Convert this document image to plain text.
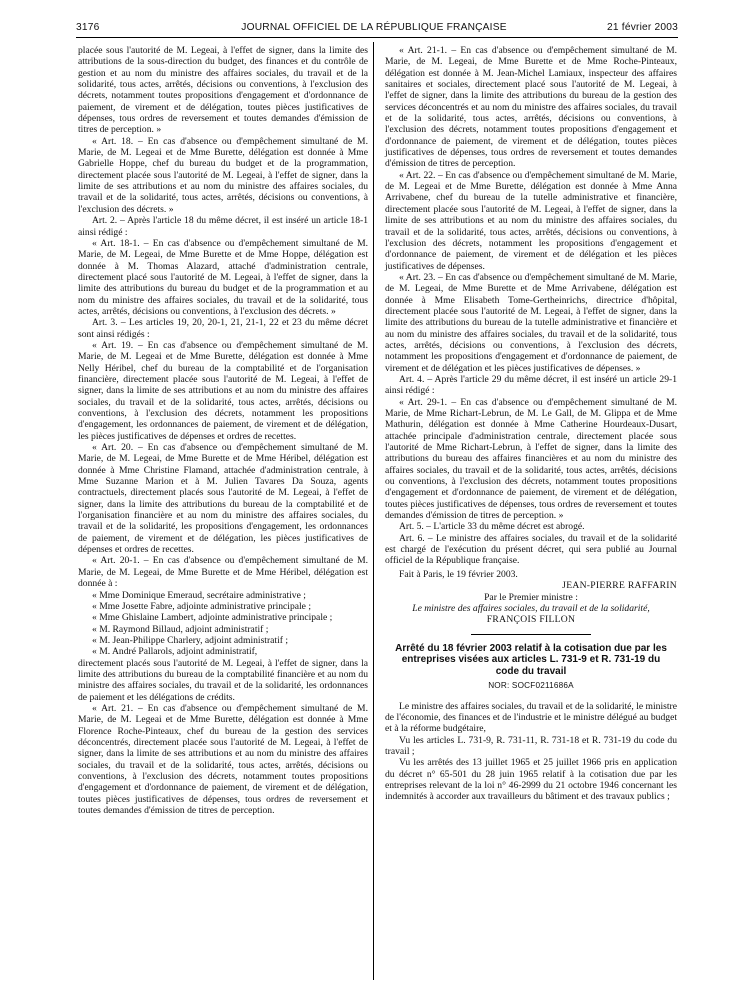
3176	JOURNAL OFFICIEL DE LA RÉPUBLIQUE FRANÇAISE	21 février 2003

placée sous l'autorité de M. Legeai, à l'effet de signer, dans la limite des attributions de la sous-direction du budget, des finances et du contrôle de gestion et au nom du ministre des affaires sociales, du travail et de la solidarité, tous actes, arrêtés, décisions ou conventions, à l'exclusion des décrets, notamment toutes propositions d'engagement et d'ordonnance de paiement, de virement et de délégation, toutes pièces justificatives de dépenses, tous ordres de reversement et toutes demandes d'émission de titres de perception. »

« Art. 18. – En cas d'absence ou d'empêchement simultané de M. Marie, de M. Legeai et de Mme Burette, délégation est donnée à Mme Gabrielle Hoppe, chef du bureau du budget et de la programmation, directement placée sous l'autorité de M. Legeai, à l'effet de signer, dans la limite de ses attributions et au nom du ministre des affaires sociales, du travail et de la solidarité, tous actes, arrêtés, décisions ou conventions, à l'exclusion des décrets. »

Art. 2. – Après l'article 18 du même décret, il est inséré un article 18-1 ainsi rédigé :

« Art. 18-1. – En cas d'absence ou d'empêchement simultané de M. Marie, de M. Legeai, de Mme Burette et de Mme Hoppe, délégation est donnée à M. Thomas Alazard, attaché d'administration centrale, directement placé sous l'autorité de M. Legeai, à l'effet de signer, dans la limite des attributions du bureau du budget et de la programmation et au nom du ministre des affaires sociales, du travail et de la solidarité, tous actes, arrêtés, décisions ou conventions, à l'exclusion des décrets. »

Art. 3. – Les articles 19, 20, 20-1, 21, 21-1, 22 et 23 du même décret sont ainsi rédigés :

« Art. 19. – En cas d'absence ou d'empêchement simultané de M. Marie, de M. Legeai et de Mme Burette, délégation est donnée à Mme Nelly Héribel, chef du bureau de la comptabilité et de l'organisation financière, directement placée sous l'autorité de M. Legeai, à l'effet de signer, dans la limite de ses attributions et au nom du ministre des affaires sociales, du travail et de la solidarité, tous actes, arrêtés, décisions ou conventions, à l'exclusion des décrets, notamment les propositions d'engagement, les ordonnances de paiement, de virement et de délégation, les pièces justificatives de dépenses et ordres de recettes.

« Art. 20. – En cas d'absence ou d'empêchement simultané de M. Marie, de M. Legeai, de Mme Burette et de Mme Héribel, délégation est donnée à Mme Christine Flamand, attachée d'administration centrale, à Mme Suzanne Marion et à M. Julien Tavares Da Souza, agents contractuels, directement placés sous l'autorité de M. Legeai, à l'effet de signer, dans la limite des attributions du bureau de la comptabilité et de l'organisation financière et au nom du ministre des affaires sociales, du travail et de la solidarité, les propositions d'engagement, les ordonnances de paiement, de virement et de délégation, les pièces justificatives de dépenses et ordres de recettes.

« Art. 20-1. – En cas d'absence ou d'empêchement simultané de M. Marie, de M. Legeai, de Mme Burette et de Mme Héribel, délégation est donnée à :

« Mme Dominique Emeraud, secrétaire administrative ;

« Mme Josette Fabre, adjointe administrative principale ;

« Mme Ghislaine Lambert, adjointe administrative principale ;

« M. Raymond Billaud, adjoint administratif ;

« M. Jean-Philippe Charlery, adjoint administratif ;

« M. André Pallarols, adjoint administratif,

directement placés sous l'autorité de M. Legeai, à l'effet de signer, dans la limite des attributions du bureau de la comptabilité financière et au nom du ministre des affaires sociales, du travail et de la solidarité, les ordonnances de paiement et les délégations de crédits.

« Art. 21. – En cas d'absence ou d'empêchement simultané de M. Marie, de M. Legeai et de Mme Burette, délégation est donnée à Mme Florence Roche-Pinteaux, chef du bureau de la gestion des services déconcentrés, directement placée sous l'autorité de M. Legeai, à l'effet de signer, dans la limite de ses attributions et au nom du ministre des affaires sociales, du travail et de la solidarité, tous actes, arrêtés, décisions ou conventions, à l'exclusion des décrets, notamment toutes propositions d'engagement et d'ordonnance de paiement, de virement et de délégation, toutes pièces justificatives de dépenses, tous ordres de reversement et toutes demandes d'émission de titres de perception.

« Art. 21-1. – En cas d'absence ou d'empêchement simultané de M. Marie, de M. Legeai, de Mme Burette et de Mme Roche-Pinteaux, délégation est donnée à M. Jean-Michel Lamiaux, inspecteur des affaires sanitaires et sociales, directement placé sous l'autorité de M. Legeai, à l'effet de signer, dans la limite des attributions du bureau de la gestion des services déconcentrés et au nom du ministre des affaires sociales, du travail et de la solidarité, tous actes, arrêtés, décisions ou conventions, à l'exclusion des décrets, notamment toutes propositions d'engagement et d'ordonnance de paiement, de virement et de délégation, toutes pièces justificatives de dépenses, tous ordres de reversement et toutes demandes d'émission de titres de perception.

« Art. 22. – En cas d'absence ou d'empêchement simultané de M. Marie, de M. Legeai et de Mme Burette, délégation est donnée à Mme Anna Arrivabene, chef du bureau de la tutelle administrative et financière, directement placée sous l'autorité de M. Legeai, à l'effet de signer, dans la limite de ses attributions et au nom du ministre des affaires sociales, du travail et de la solidarité, tous actes, arrêtés, décisions ou conventions, à l'exclusion des décrets, notamment les propositions d'engagement et d'ordonnance de paiement, de virement et de délégation et les pièces justificatives de dépenses.

« Art. 23. – En cas d'absence ou d'empêchement simultané de M. Marie, de M. Legeai, de Mme Burette et de Mme Arrivabene, délégation est donnée à Mme Elisabeth Tome-Gertheinrichs, directrice d'hôpital, directement placée sous l'autorité de M. Legeai, à l'effet de signer, dans la limite des attributions du bureau de la tutelle administrative et financière et au nom du ministre des affaires sociales, du travail et de la solidarité, tous actes, arrêtés, décisions ou conventions, à l'exclusion des décrets, notamment les propositions d'engagement et d'ordonnance de paiement, de virement et de délégation et les pièces justificatives de dépenses. »

Art. 4. – Après l'article 29 du même décret, il est inséré un article 29-1 ainsi rédigé :

« Art. 29-1. – En cas d'absence ou d'empêchement simultané de M. Marie, de Mme Richart-Lebrun, de M. Le Gall, de M. Glippa et de Mme Mathurin, délégation est donnée à Mme Catherine Hourdeaux-Dusart, attachée principale d'administration centrale, directement placée sous l'autorité de Mme Richart-Lebrun, à l'effet de signer, dans la limite des attributions du bureau des affaires financières et au nom du ministre des affaires sociales, du travail et de la solidarité, tous actes, arrêtés, décisions ou conventions, à l'exclusion des décrets, notamment toutes propositions d'engagement et d'ordonnance de paiement, de virement et de délégation, toutes pièces justificatives de dépenses, tous ordres de reversement et toutes demandes d'émission de titres de perception. »

Art. 5. – L'article 33 du même décret est abrogé.

Art. 6. – Le ministre des affaires sociales, du travail et de la solidarité est chargé de l'exécution du présent décret, qui sera publié au Journal officiel de la République française.

Fait à Paris, le 19 février 2003.

JEAN-PIERRE RAFFARIN

Par le Premier ministre :

Le ministre des affaires sociales, du travail et de la solidarité,

FRANÇOIS FILLON

Arrêté du 18 février 2003 relatif à la cotisation due par les entreprises visées aux articles L. 731-9 et R. 731-19 du code du travail
NOR: SOCF0211686A

Le ministre des affaires sociales, du travail et de la solidarité, le ministre de l'économie, des finances et de l'industrie et le ministre délégué au budget et à la réforme budgétaire,

Vu les articles L. 731-9, R. 731-11, R. 731-18 et R. 731-19 du code du travail ;

Vu les arrêtés des 13 juillet 1965 et 25 juillet 1966 pris en application du décret n° 65-501 du 28 juin 1965 relatif à la cotisation due par les entreprises relevant de la loi n° 46-2999 du 21 octobre 1946 concernant les indemnités à accorder aux travailleurs du bâtiment et des travaux publics ;
